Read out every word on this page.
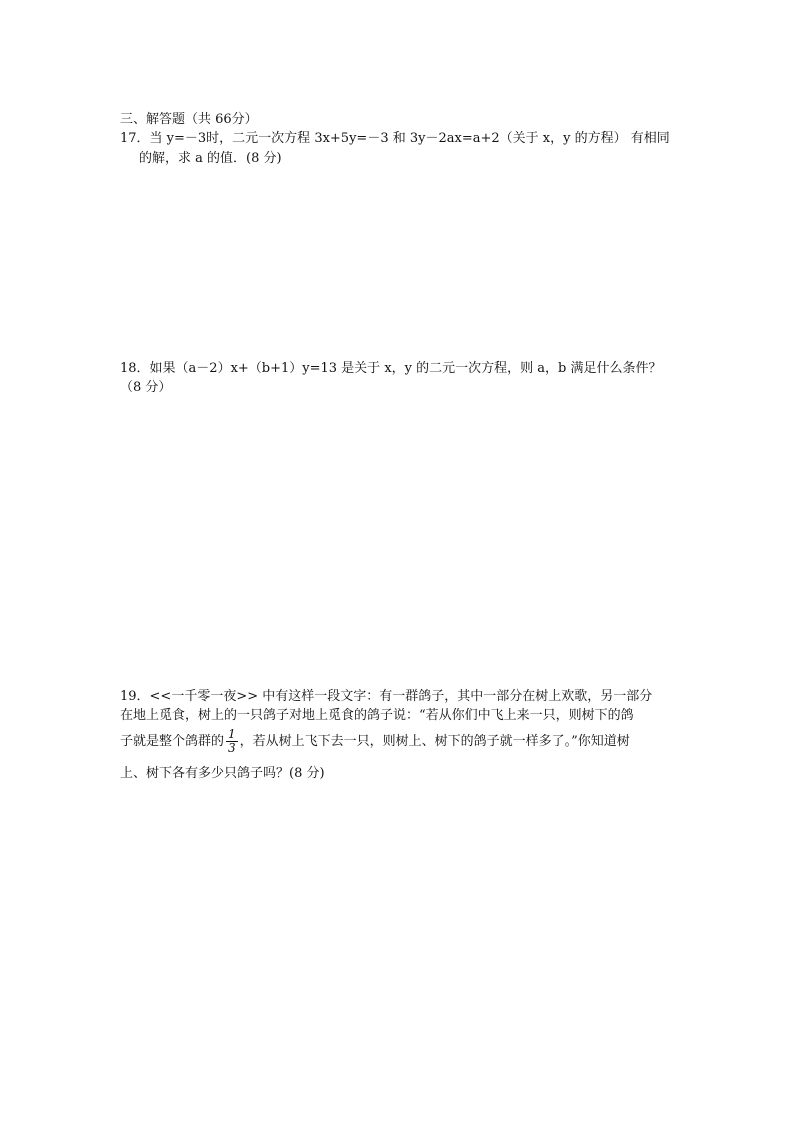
三、解答题（共 66分）
17．当 y=－3时，二元一次方程 3x+5y=－3 和 3y－2ax=a+2（关于 x，y 的方程） 有相同
的解，求 a 的值．(8 分)
18．如果（a－2）x+（b+1）y=13 是关于 x，y 的二元一次方程，则 a，b 满足什么条件？
（8 分）
19．<<一千零一夜>> 中有这样一段文字：有一群鸽子，其中一部分在树上欢歌，另一部分
在地上觅食，树上的一只鸽子对地上觅食的鸽子说：“若从你们中飞上来一只，则树下的鸽
子就是整个鸽群的 $\frac{1}{3}$ ，若从树上飞下去一只，则树上、树下的鸽子就一样多了。”你知道树
上、树下各有多少只鸽子吗？(8 分)
